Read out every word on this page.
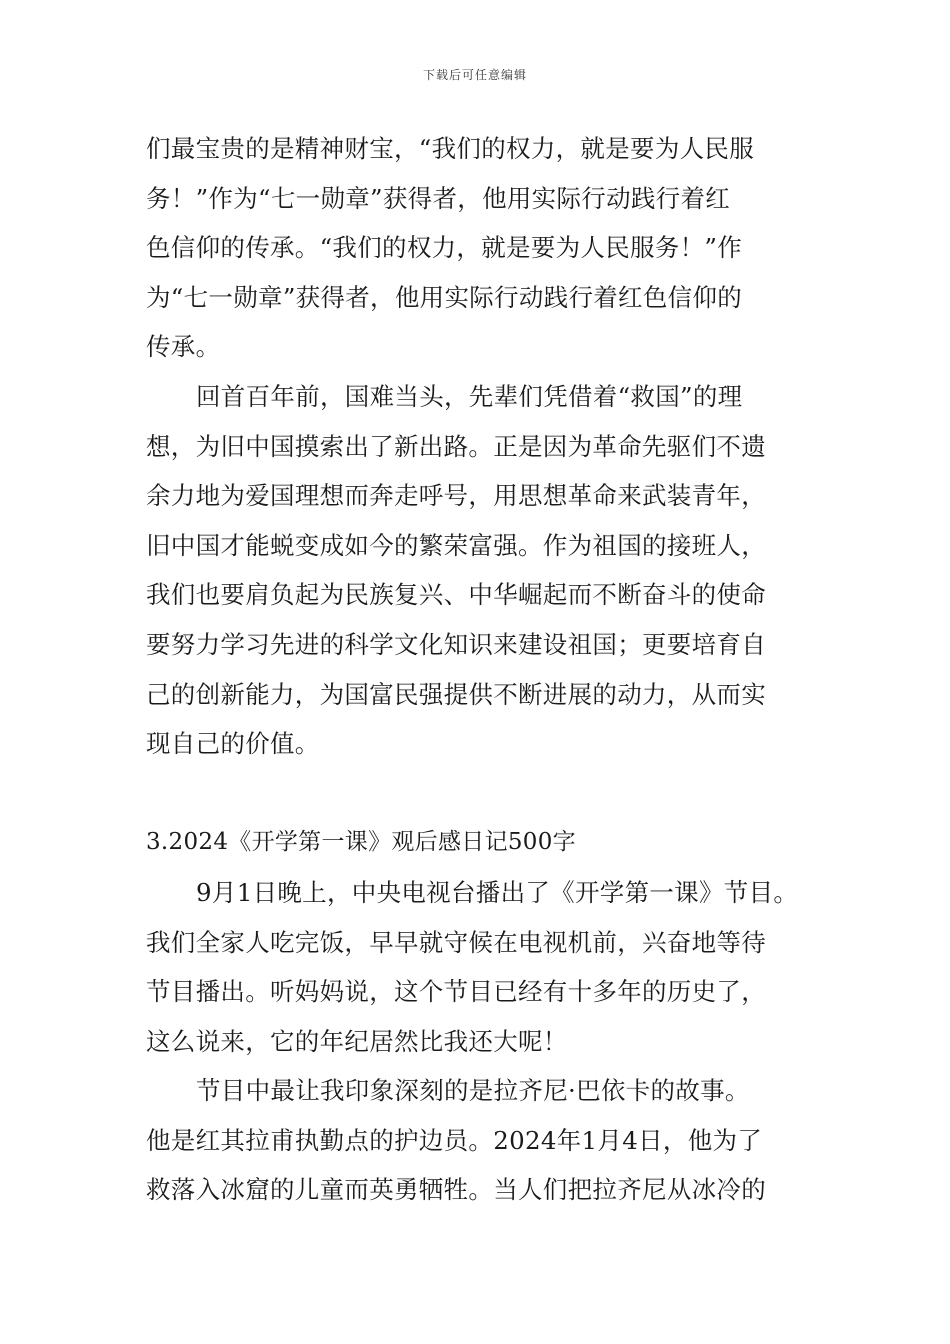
下载后可任意编辑
们最宝贵的是精神财宝，“我们的权力，就是要为人民服
务！”作为“七一勋章”获得者，他用实际行动践行着红
色信仰的传承。“我们的权力，就是要为人民服务！”作
为“七一勋章”获得者，他用实际行动践行着红色信仰的
传承。
回首百年前，国难当头，先辈们凭借着“救国”的理
想，为旧中国摸索出了新出路。正是因为革命先驱们不遗
余力地为爱国理想而奔走呼号，用思想革命来武装青年，
旧中国才能蜕变成如今的繁荣富强。作为祖国的接班人，
我们也要肩负起为民族复兴、中华崛起而不断奋斗的使命
要努力学习先进的科学文化知识来建设祖国；更要培育自
己的创新能力，为国富民强提供不断进展的动力，从而实
现自己的价值。
3.2024《开学第一课》观后感日记500字
9月1日晚上，中央电视台播出了《开学第一课》节目。
我们全家人吃完饭，早早就守候在电视机前，兴奋地等待
节目播出。听妈妈说，这个节目已经有十多年的历史了，
这么说来，它的年纪居然比我还大呢！
节目中最让我印象深刻的是拉齐尼·巴依卡的故事。
他是红其拉甫执勤点的护边员。2024年1月4日，他为了
救落入冰窟的儿童而英勇牺牲。当人们把拉齐尼从冰冷的
